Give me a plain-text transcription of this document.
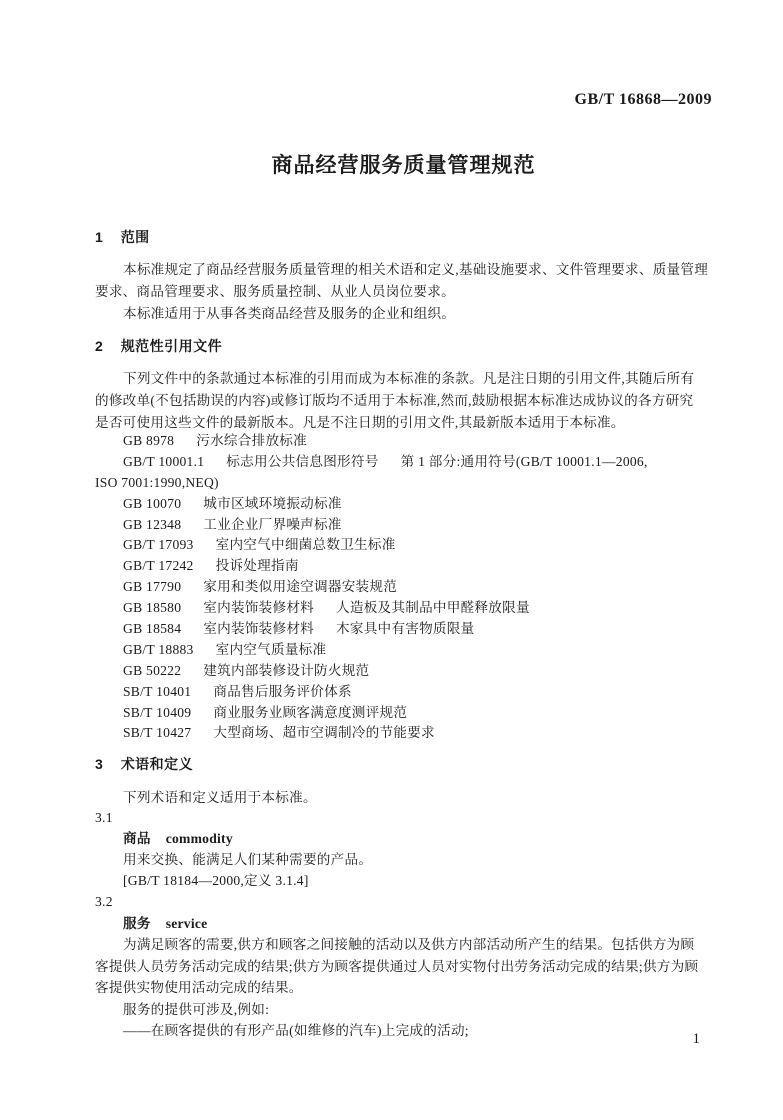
GB/T 16868—2009
商品经营服务质量管理规范
1 范围
本标准规定了商品经营服务质量管理的相关术语和定义,基础设施要求、文件管理要求、质量管理
要求、商品管理要求、服务质量控制、从业人员岗位要求。
本标准适用于从事各类商品经营及服务的企业和组织。
2 规范性引用文件
下列文件中的条款通过本标准的引用而成为本标准的条款。凡是注日期的引用文件,其随后所有
的修改单(不包括勘误的内容)或修订版均不适用于本标准,然而,鼓励根据本标准达成协议的各方研究
是否可使用这些文件的最新版本。凡是不注日期的引用文件,其最新版本适用于本标准。
GB 8978 污水综合排放标准
GB/T 10001.1 标志用公共信息图形符号 第 1 部分:通用符号(GB/T 10001.1—2006,
ISO 7001:1990,NEQ)
GB 10070 城市区域环境振动标准
GB 12348 工业企业厂界噪声标准
GB/T 17093 室内空气中细菌总数卫生标准
GB/T 17242 投诉处理指南
GB 17790 家用和类似用途空调器安装规范
GB 18580 室内装饰装修材料 人造板及其制品中甲醛释放限量
GB 18584 室内装饰装修材料 木家具中有害物质限量
GB/T 18883 室内空气质量标准
GB 50222 建筑内部装修设计防火规范
SB/T 10401 商品售后服务评价体系
SB/T 10409 商业服务业顾客满意度测评规范
SB/T 10427 大型商场、超市空调制冷的节能要求
3 术语和定义
下列术语和定义适用于本标准。
3.1
商品 commodity
用来交换、能满足人们某种需要的产品。
[GB/T 18184—2000,定义 3.1.4]
3.2
服务 service
为满足顾客的需要,供方和顾客之间接触的活动以及供方内部活动所产生的结果。包括供方为顾
客提供人员劳务活动完成的结果;供方为顾客提供通过人员对实物付出劳务活动完成的结果;供方为顾
客提供实物使用活动完成的结果。
服务的提供可涉及,例如:
——在顾客提供的有形产品(如维修的汽车)上完成的活动;
1
